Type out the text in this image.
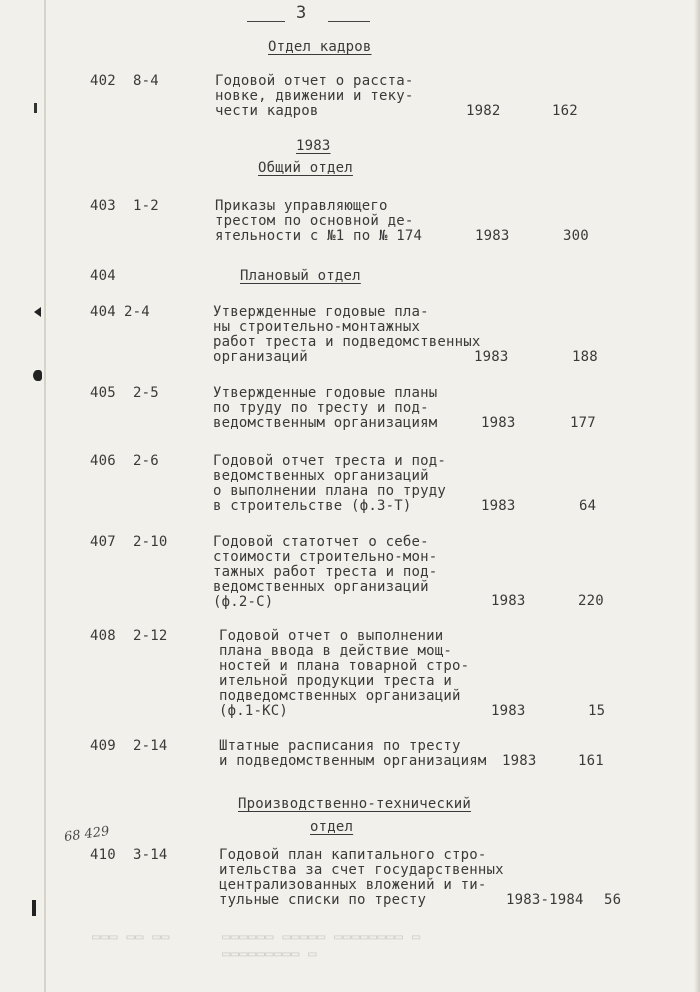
3
Отдел кадров
402 8-4	Годовой отчет о расста-
новке, движении и теку-
чести кадров	1982	162
1983
Общий отдел
403 1-2	Приказы управляющего
трестом по основной де-
ятельности с №1 по № 174	1983	300
404	Плановый отдел
404 2-4	Утвержденные годовые пла-
ны строительно-монтажных
работ треста и подведомственных
организаций	1983	188
405 2-5	Утвержденные годовые планы
по труду по тресту и под-
ведомственным организациям	1983	177
406 2-6	Годовой отчет треста и под-
ведомственных организаций
о выполнении плана по труду
в строительстве (ф.3-Т)	1983	64
407 2-10	Годовой статотчет о себе-
стоимости строительно-мон-
тажных работ треста и под-
ведомственных организаций
(ф.2-С)	1983	220
408 2-12	Годовой отчет о выполнении
плана ввода в действие мощ-
ностей и плана товарной стро-
ительной продукции треста и
подведомственных организаций
(ф.1-КС)	1983	15
409 2-14	Штатные расписания по тресту
и подведомственным организациям 1983	161
Производственно-технический
отдел
68 429
410 3-14	Годовой план капитального стро-
ительства за счет государственных
централизованных вложений и ти-
тульные списки по тресту	1983-1984 56
▭▭▭ ▭▭ ▭▭	▭▭▭▭▭▭ ▭▭▭▭▭ ▭▭▭▭▭▭▭▭ ▭
▭▭▭▭▭▭▭▭▭ ▭
